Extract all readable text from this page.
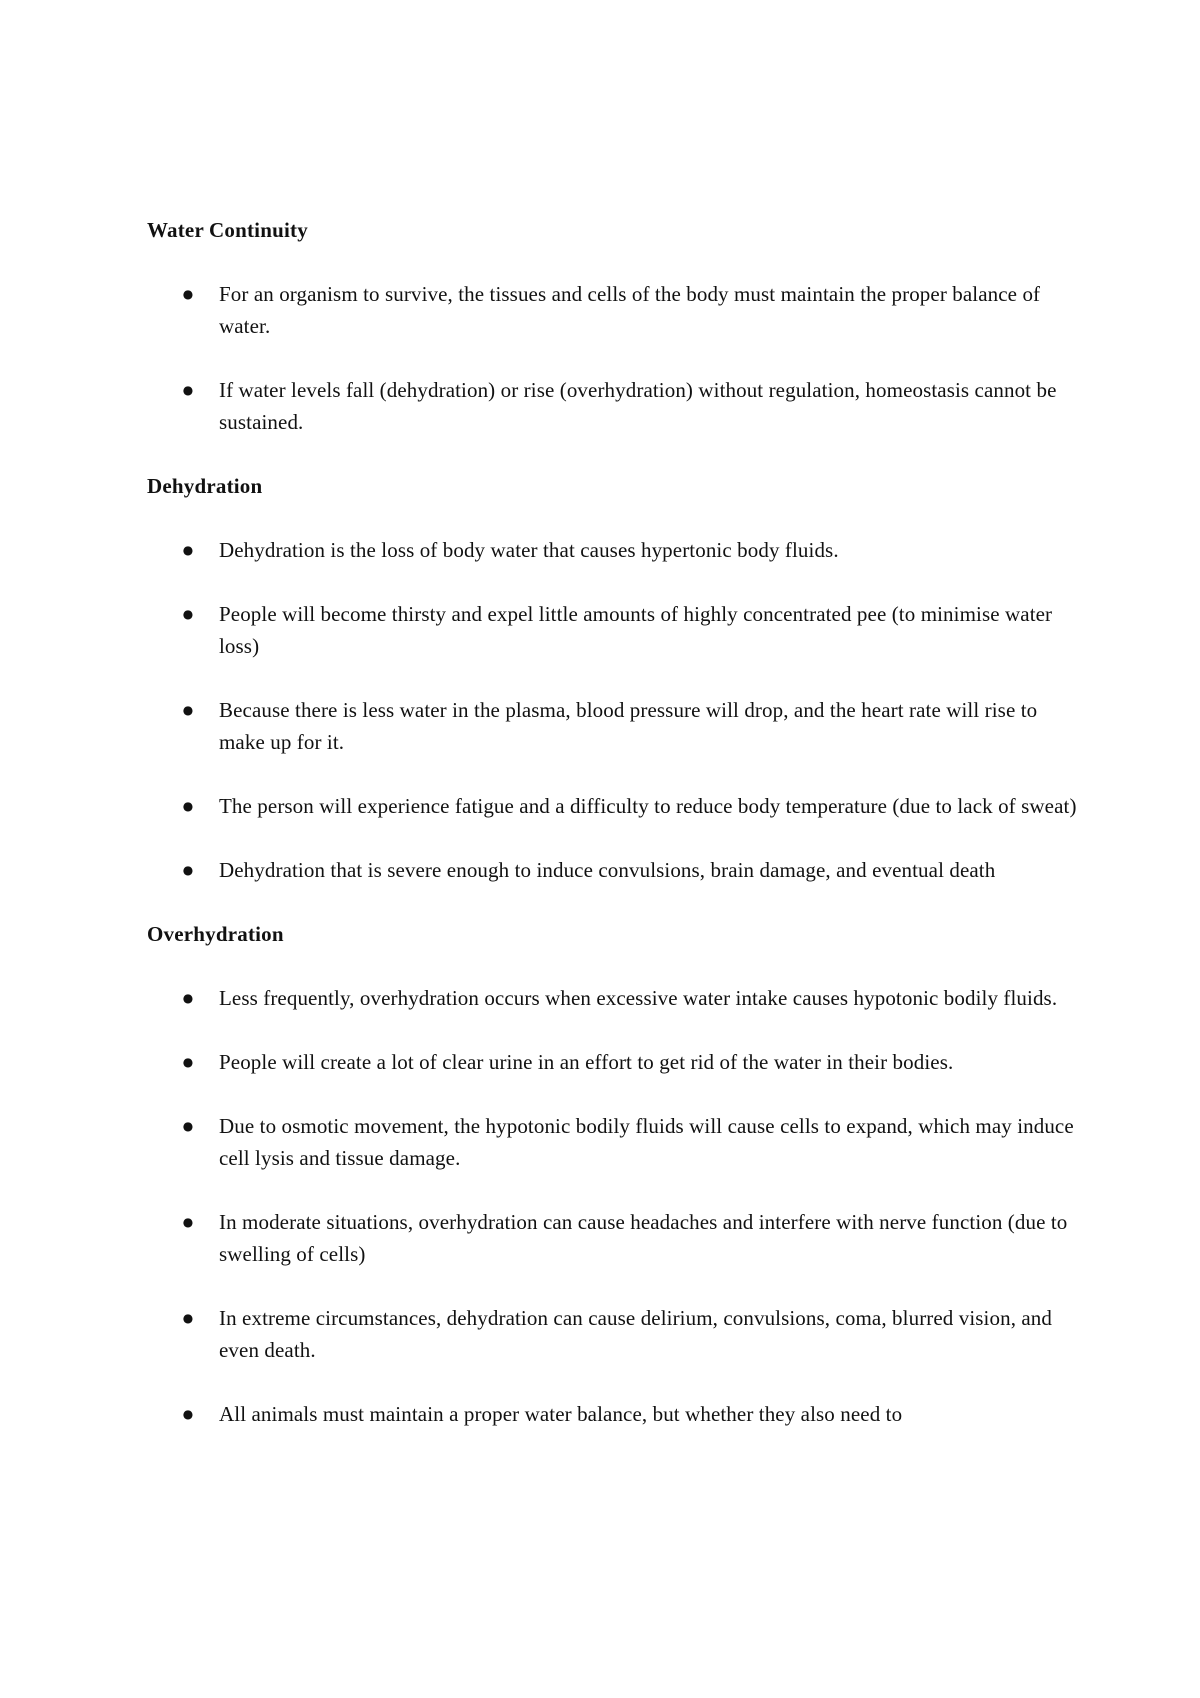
Water Continuity
● For an organism to survive, the tissues and cells of the body must maintain the proper balance of water.
● If water levels fall (dehydration) or rise (overhydration) without regulation, homeostasis cannot be sustained.
Dehydration
● Dehydration is the loss of body water that causes hypertonic body fluids.
● People will become thirsty and expel little amounts of highly concentrated pee (to minimise water loss)
● Because there is less water in the plasma, blood pressure will drop, and the heart rate will rise to make up for it.
● The person will experience fatigue and a difficulty to reduce body temperature (due to lack of sweat)
● Dehydration that is severe enough to induce convulsions, brain damage, and eventual death
Overhydration
● Less frequently, overhydration occurs when excessive water intake causes hypotonic bodily fluids.
● People will create a lot of clear urine in an effort to get rid of the water in their bodies.
● Due to osmotic movement, the hypotonic bodily fluids will cause cells to expand, which may induce cell lysis and tissue damage.
● In moderate situations, overhydration can cause headaches and interfere with nerve function (due to swelling of cells)
● In extreme circumstances, dehydration can cause delirium, convulsions, coma, blurred vision, and even death.
● All animals must maintain a proper water balance, but whether they also need to
